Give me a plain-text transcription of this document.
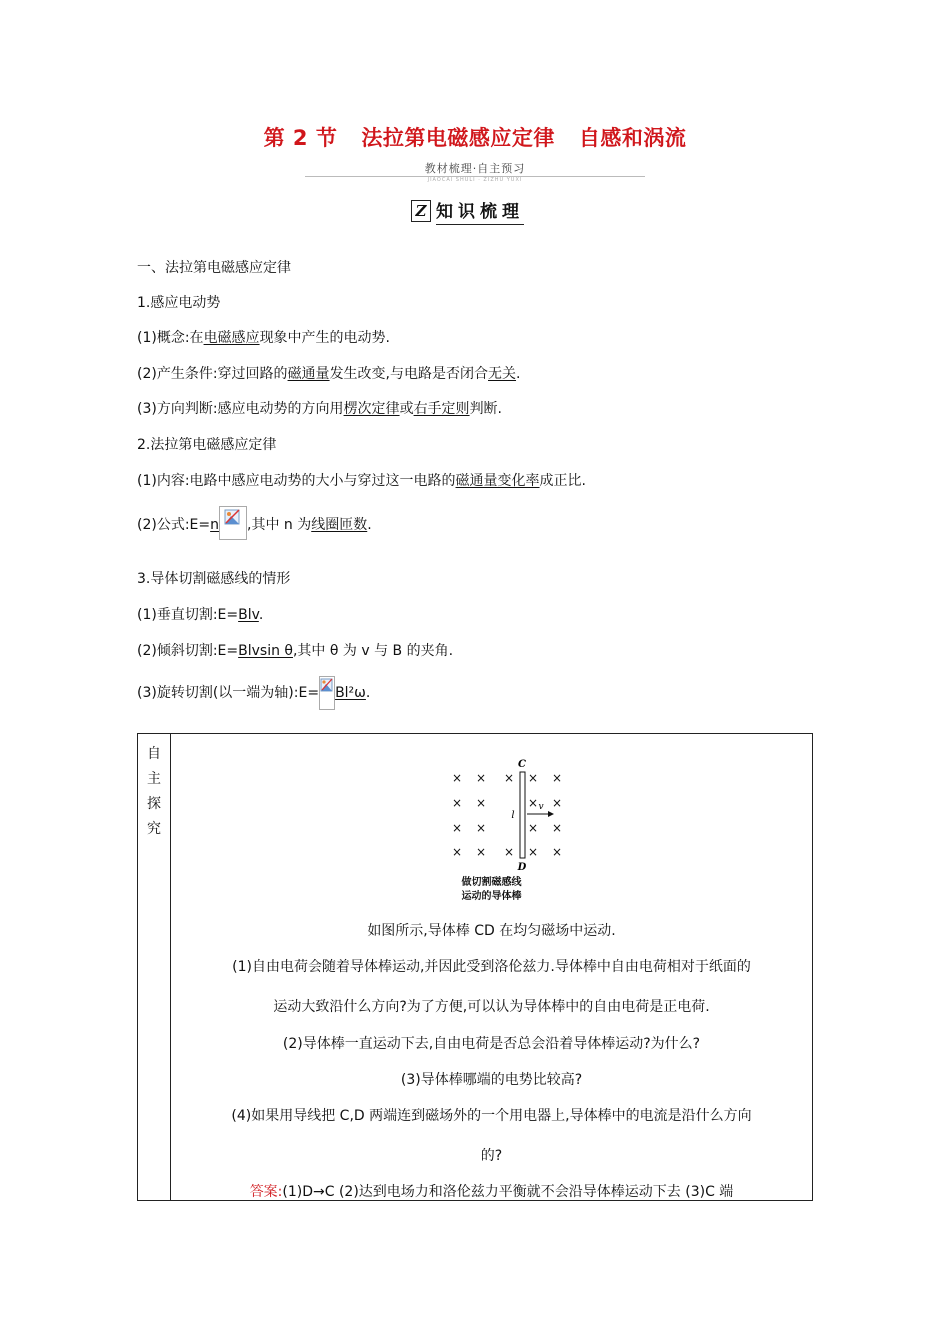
第 2 节 法拉第电磁感应定律 自感和涡流
教材梳理·自主预习
JIAOCAI SHULI · ZIZHU YUXI
Z 知识梳理
一、法拉第电磁感应定律
1.感应电动势
(1)概念:在电磁感应现象中产生的电动势.
(2)产生条件:穿过回路的磁通量发生改变,与电路是否闭合无关.
(3)方向判断:感应电动势的方向用楞次定律或右手定则判断.
2.法拉第电磁感应定律
(1)内容:电路中感应电动势的大小与穿过这一电路的磁通量变化率成正比.
(2)公式:E=n ,其中 n 为线圈匝数.
3.导体切割磁感线的情形
(1)垂直切割:E=Blv.
(2)倾斜切割:E=Blvsin θ,其中 θ 为 v 与 B 的夹角.
(3)旋转切割(以一端为轴):E= Bl²ω.
自
主
探
究
× × × × ×
× ×	× ×
× ×	× ×
× × × × ×
C
D
l
v
做切割磁感线
运动的导体棒
如图所示,导体棒 CD 在均匀磁场中运动.
(1)自由电荷会随着导体棒运动,并因此受到洛伦兹力.导体棒中自由电荷相对于纸面的
运动大致沿什么方向?为了方便,可以认为导体棒中的自由电荷是正电荷.
(2)导体棒一直运动下去,自由电荷是否总会沿着导体棒运动?为什么?
(3)导体棒哪端的电势比较高?
(4)如果用导线把 C,D 两端连到磁场外的一个用电器上,导体棒中的电流是沿什么方向
的?
答案:(1)D→C (2)达到电场力和洛伦兹力平衡就不会沿导体棒运动下去 (3)C 端
